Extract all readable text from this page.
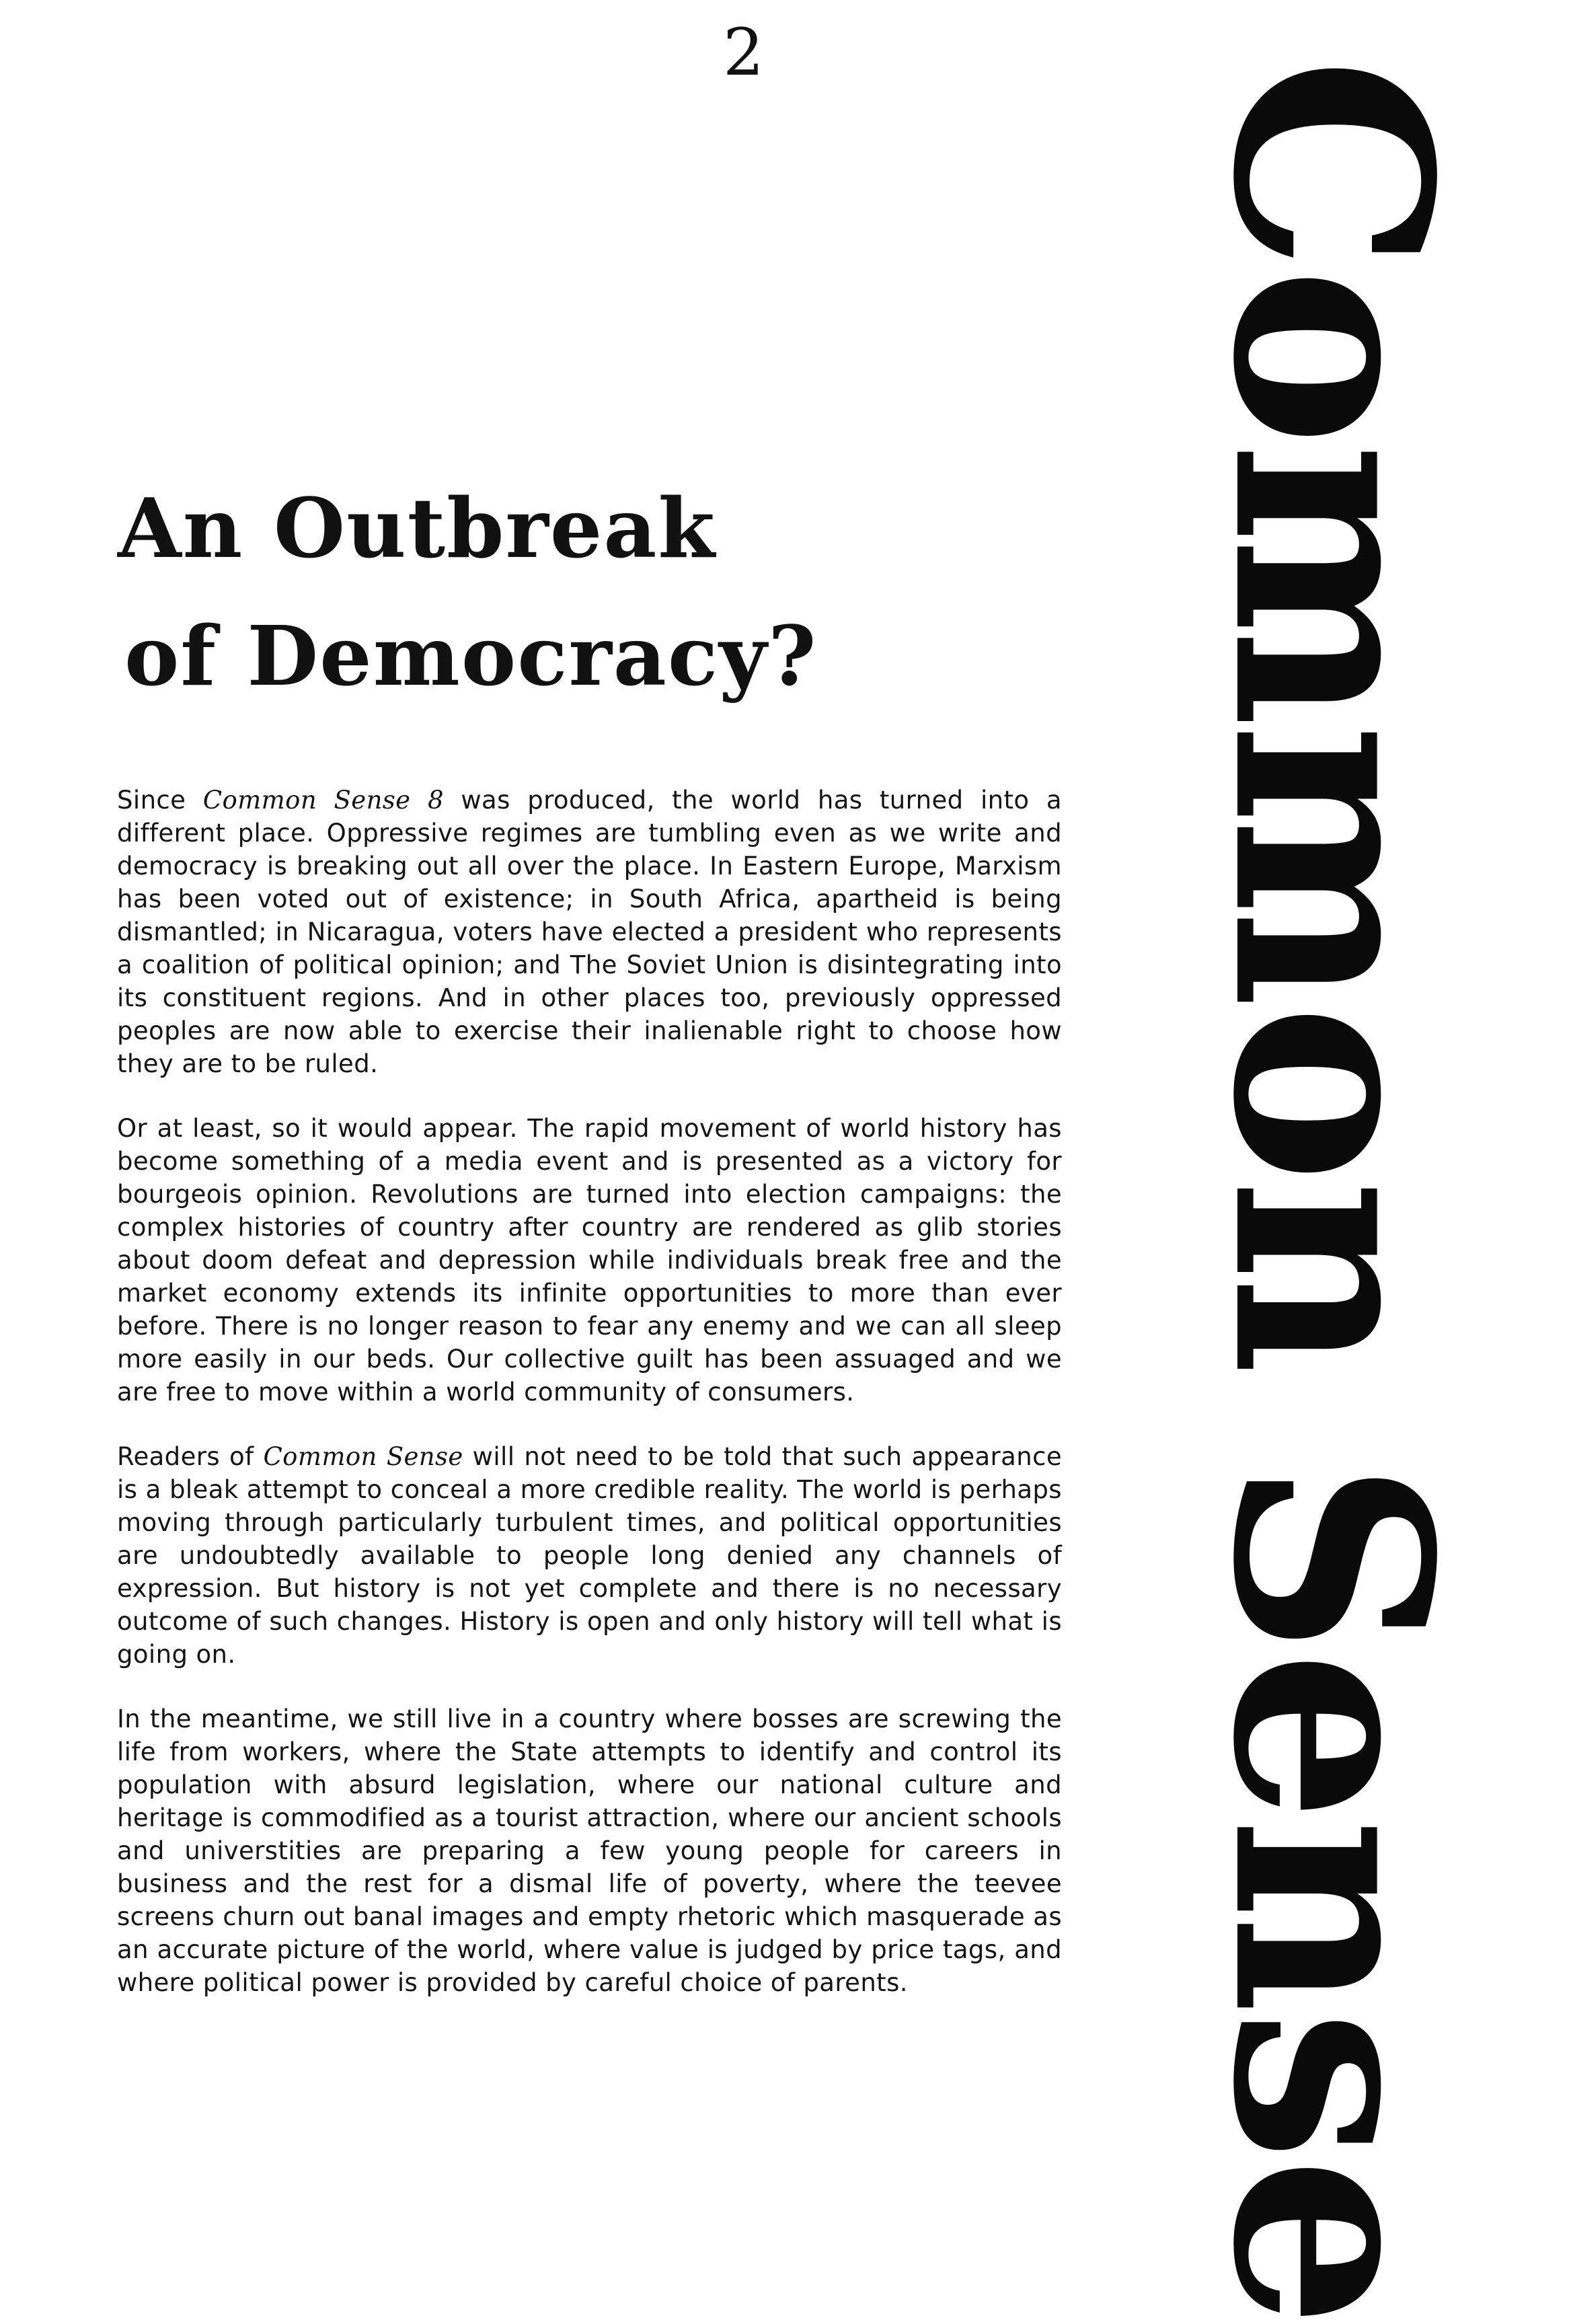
2
An Outbreak
of Democracy?

Since Common Sense 8 was produced, the world has turned into a different place. Oppressive regimes are tumbling even as we write and democracy is breaking out all over the place. In Eastern Europe, Marxism has been voted out of existence; in South Africa, apartheid is being dismantled; in Nicaragua, voters have elected a president who represents a coalition of political opinion; and The Soviet Union is disintegrating into its constituent regions. And in other places too, previously oppressed peoples are now able to exercise their inalienable right to choose how they are to be ruled.

Or at least, so it would appear. The rapid movement of world history has become something of a media event and is presented as a victory for bourgeois opinion. Revolutions are turned into election campaigns: the complex histories of country after country are rendered as glib stories about doom defeat and depression while individuals break free and the market economy extends its infinite opportunities to more than ever before. There is no longer reason to fear any enemy and we can all sleep more easily in our beds. Our collective guilt has been assuaged and we are free to move within a world community of consumers.

Readers of Common Sense will not need to be told that such appearance is a bleak attempt to conceal a more credible reality. The world is perhaps moving through particularly turbulent times, and political opportunities are undoubtedly available to people long denied any channels of expression. But history is not yet complete and there is no necessary outcome of such changes. History is open and only history will tell what is going on.

In the meantime, we still live in a country where bosses are screwing the life from workers, where the State attempts to identify and control its population with absurd legislation, where our national culture and heritage is commodified as a tourist attraction, where our ancient schools and universtities are preparing a few young people for careers in business and the rest for a dismal life of poverty, where the teevee screens churn out banal images and empty rhetoric which masquerade as an accurate picture of the world, where value is judged by price tags, and where political power is provided by careful choice of parents. Common Sense
